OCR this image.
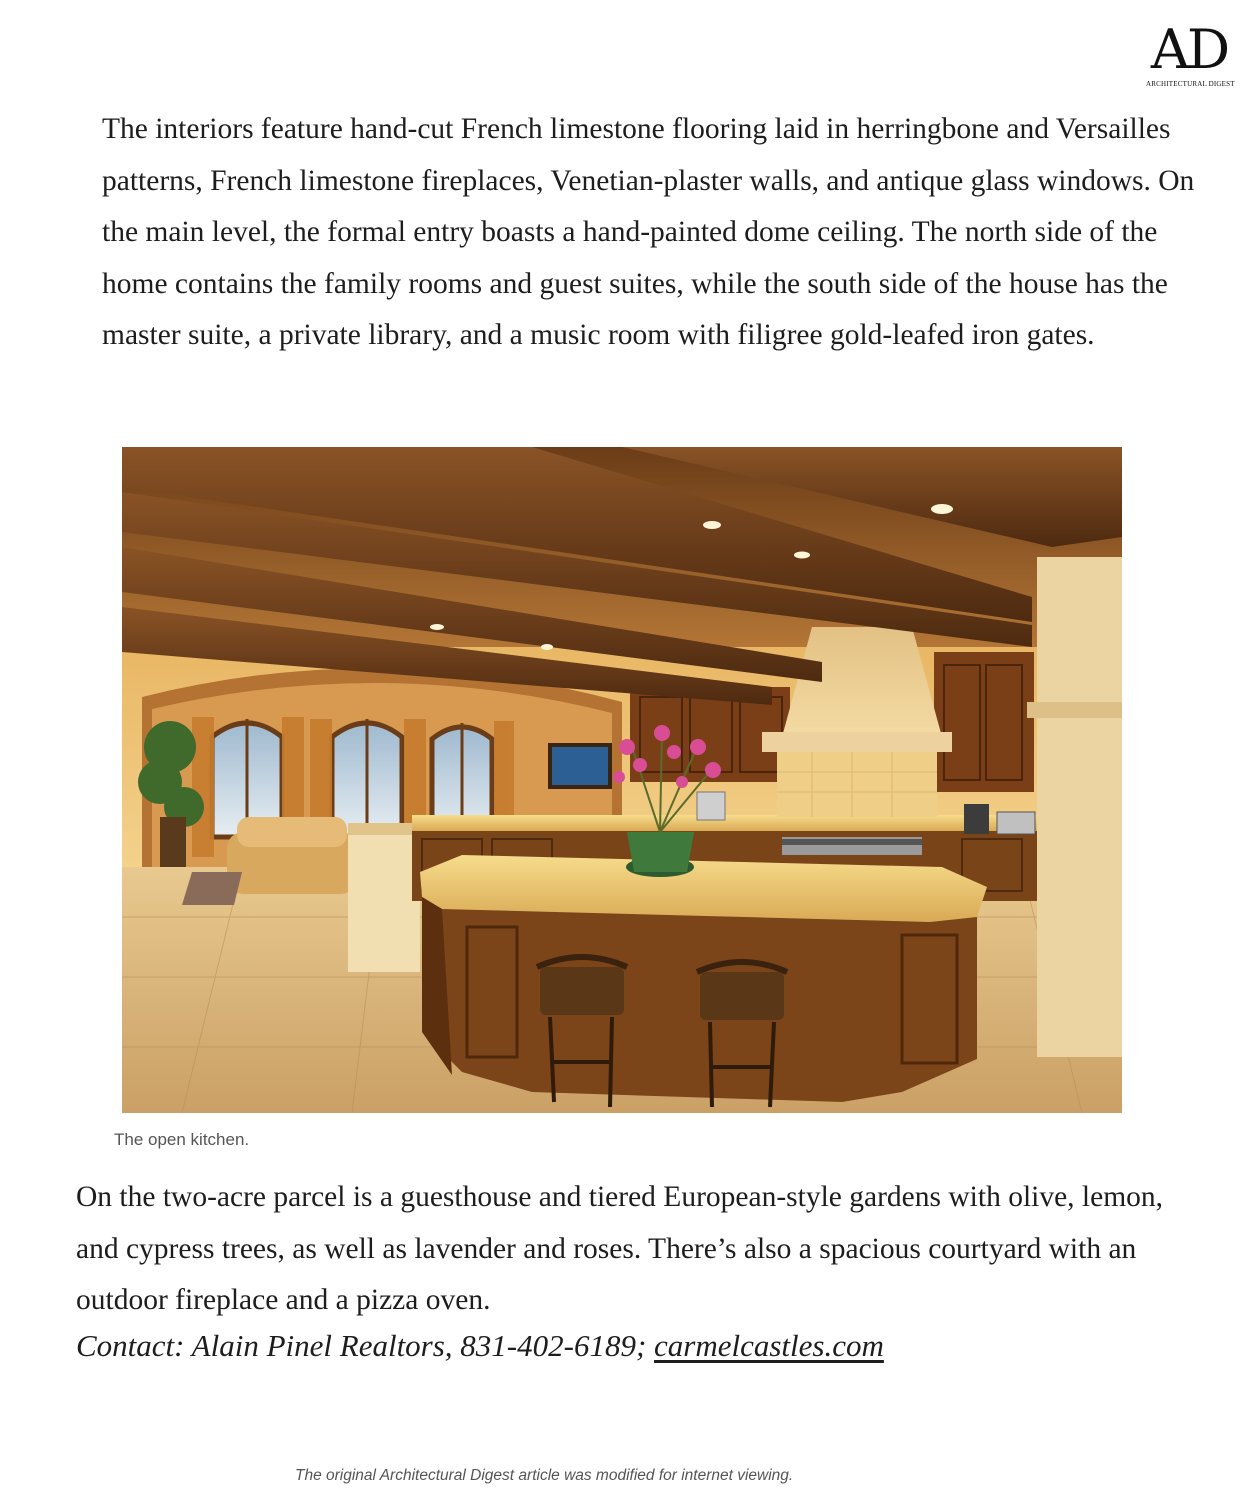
AD
ARCHITECTURAL DIGEST

The interiors feature hand-cut French limestone flooring laid in herringbone and Versailles patterns, French limestone fireplaces, Venetian-plaster walls, and antique glass windows. On the main level, the formal entry boasts a hand-painted dome ceiling. The north side of the home contains the family rooms and guest suites, while the south side of the house has the master suite, a private library, and a music room with filigree gold-leafed iron gates.

The open kitchen.

On the two-acre parcel is a guesthouse and tiered European-style gardens with olive, lemon, and cypress trees, as well as lavender and roses. There’s also a spacious courtyard with an outdoor fireplace and a pizza oven.

Contact: Alain Pinel Realtors, 831-402-6189; carmelcastles.com
The original Architectural Digest article was modified for internet viewing.
